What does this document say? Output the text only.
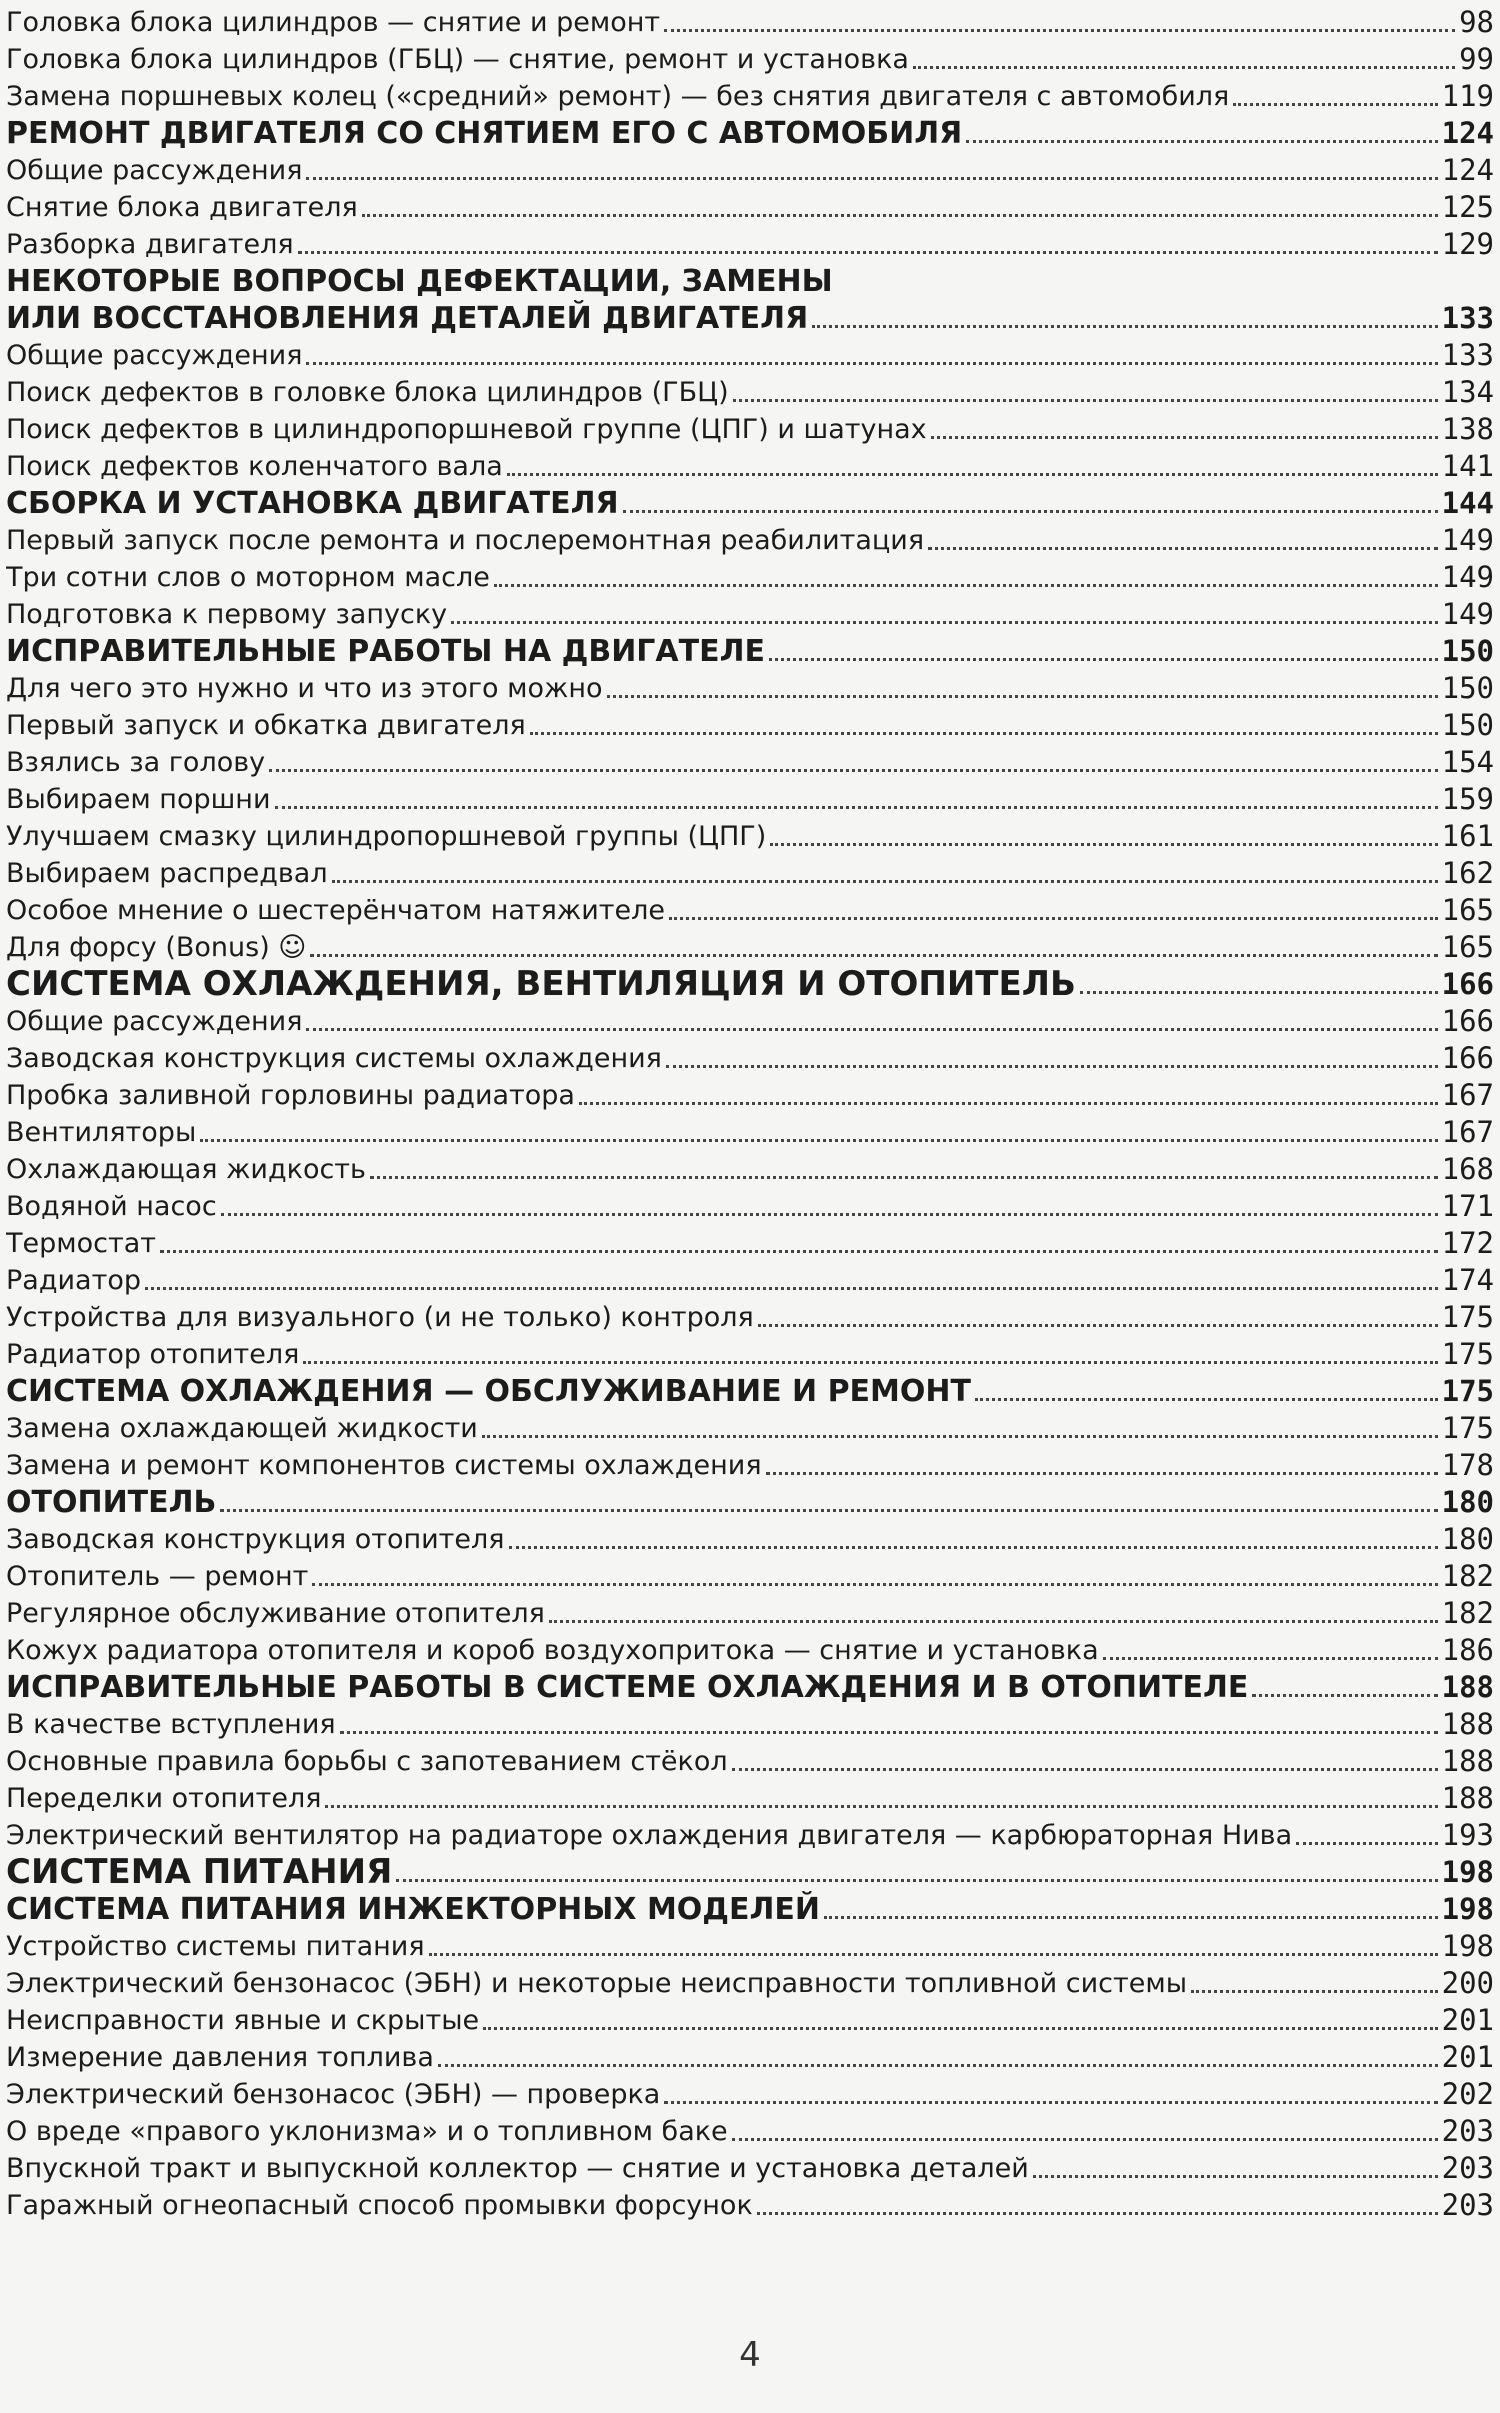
Головка блока цилиндров — снятие и ремонт	98
Головка блока цилиндров (ГБЦ) — снятие, ремонт и установка	99
Замена поршневых колец («средний» ремонт) — без снятия двигателя с автомобиля	119
РЕМОНТ ДВИГАТЕЛЯ СО СНЯТИЕМ ЕГО С АВТОМОБИЛЯ	124
Общие рассуждения	124
Снятие блока двигателя	125
Разборка двигателя	129
НЕКОТОРЫЕ ВОПРОСЫ ДЕФЕКТАЦИИ, ЗАМЕНЫ
ИЛИ ВОССТАНОВЛЕНИЯ ДЕТАЛЕЙ ДВИГАТЕЛЯ	133
Общие рассуждения	133
Поиск дефектов в головке блока цилиндров (ГБЦ)	134
Поиск дефектов в цилиндропоршневой группе (ЦПГ) и шатунах	138
Поиск дефектов коленчатого вала	141
СБОРКА И УСТАНОВКА ДВИГАТЕЛЯ	144
Первый запуск после ремонта и послеремонтная реабилитация	149
Три сотни слов о моторном масле	149
Подготовка к первому запуску	149
ИСПРАВИТЕЛЬНЫЕ РАБОТЫ НА ДВИГАТЕЛЕ	150
Для чего это нужно и что из этого можно	150
Первый запуск и обкатка двигателя	150
Взялись за голову	154
Выбираем поршни	159
Улучшаем смазку цилиндропоршневой группы (ЦПГ)	161
Выбираем распредвал	162
Особое мнение о шестерёнчатом натяжителе	165
Для форсу (Bonus) ☺	165
СИСТЕМА ОХЛАЖДЕНИЯ, ВЕНТИЛЯЦИЯ И ОТОПИТЕЛЬ	166
Общие рассуждения	166
Заводская конструкция системы охлаждения	166
Пробка заливной горловины радиатора	167
Вентиляторы	167
Охлаждающая жидкость	168
Водяной насос	171
Термостат	172
Радиатор	174
Устройства для визуального (и не только) контроля	175
Радиатор отопителя	175
СИСТЕМА ОХЛАЖДЕНИЯ — ОБСЛУЖИВАНИЕ И РЕМОНТ	175
Замена охлаждающей жидкости	175
Замена и ремонт компонентов системы охлаждения	178
ОТОПИТЕЛЬ	180
Заводская конструкция отопителя	180
Отопитель — ремонт	182
Регулярное обслуживание отопителя	182
Кожух радиатора отопителя и короб воздухопритока — снятие и установка	186
ИСПРАВИТЕЛЬНЫЕ РАБОТЫ В СИСТЕМЕ ОХЛАЖДЕНИЯ И В ОТОПИТЕЛЕ	188
В качестве вступления	188
Основные правила борьбы с запотеванием стёкол	188
Переделки отопителя	188
Электрический вентилятор на радиаторе охлаждения двигателя — карбюраторная Нива	193
СИСТЕМА ПИТАНИЯ	198
СИСТЕМА ПИТАНИЯ ИНЖЕКТОРНЫХ МОДЕЛЕЙ	198
Устройство системы питания	198
Электрический бензонасос (ЭБН) и некоторые неисправности топливной системы	200
Неисправности явные и скрытые	201
Измерение давления топлива	201
Электрический бензонасос (ЭБН) — проверка	202
О вреде «правого уклонизма» и о топливном баке	203
Впускной тракт и выпускной коллектор — снятие и установка деталей	203
Гаражный огнеопасный способ промывки форсунок	203
4
